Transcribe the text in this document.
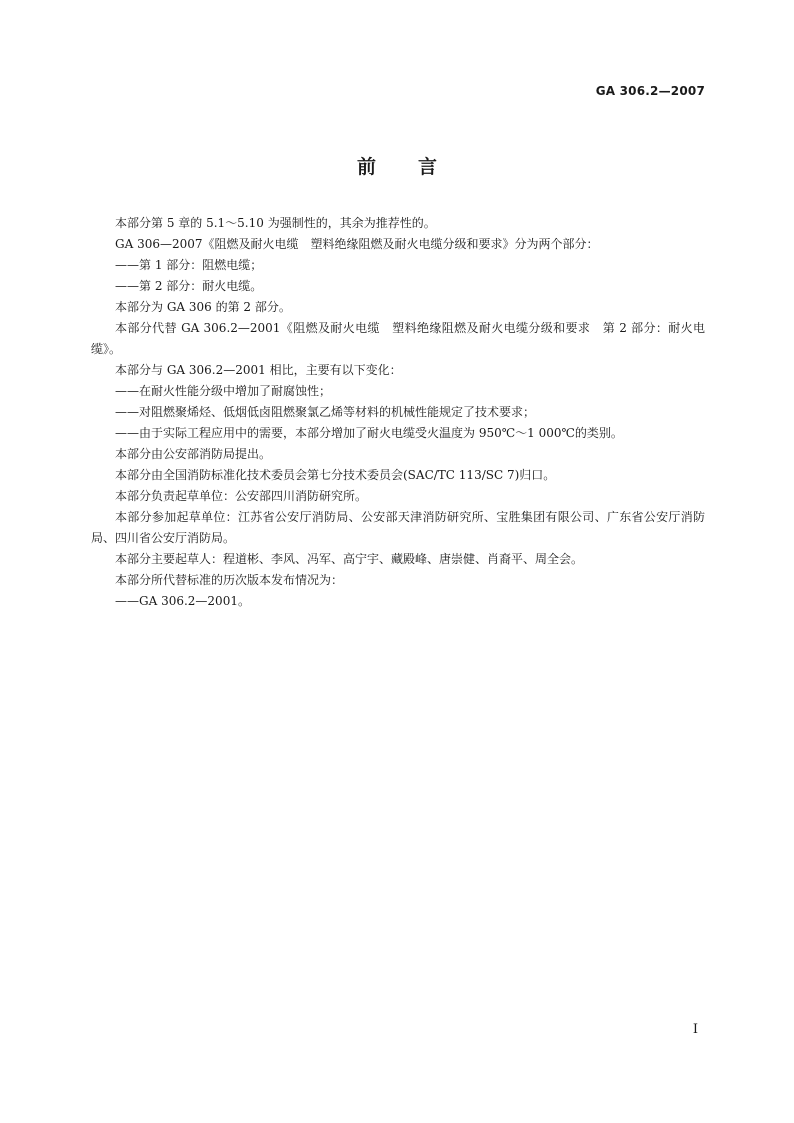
GA 306.2—2007
前言

本部分第 5 章的 5.1～5.10 为强制性的，其余为推荐性的。

GA 306—2007《阻燃及耐火电缆　塑料绝缘阻燃及耐火电缆分级和要求》分为两个部分：

——第 1 部分：阻燃电缆；

——第 2 部分：耐火电缆。

本部分为 GA 306 的第 2 部分。

本部分代替 GA 306.2—2001《阻燃及耐火电缆　塑料绝缘阻燃及耐火电缆分级和要求　第 2 部分：耐火电缆》。

本部分与 GA 306.2—2001 相比，主要有以下变化：

——在耐火性能分级中增加了耐腐蚀性；

——对阻燃聚烯烃、低烟低卤阻燃聚氯乙烯等材料的机械性能规定了技术要求；

——由于实际工程应用中的需要，本部分增加了耐火电缆受火温度为 950℃～1 000℃的类别。

本部分由公安部消防局提出。

本部分由全国消防标准化技术委员会第七分技术委员会(SAC/TC 113/SC 7)归口。

本部分负责起草单位：公安部四川消防研究所。

本部分参加起草单位：江苏省公安厅消防局、公安部天津消防研究所、宝胜集团有限公司、广东省公安厅消防局、四川省公安厅消防局。

本部分主要起草人：程道彬、李风、冯军、高宁宇、藏殿峰、唐崇健、肖裔平、周全会。

本部分所代替标准的历次版本发布情况为：

——GA 306.2—2001。

I
